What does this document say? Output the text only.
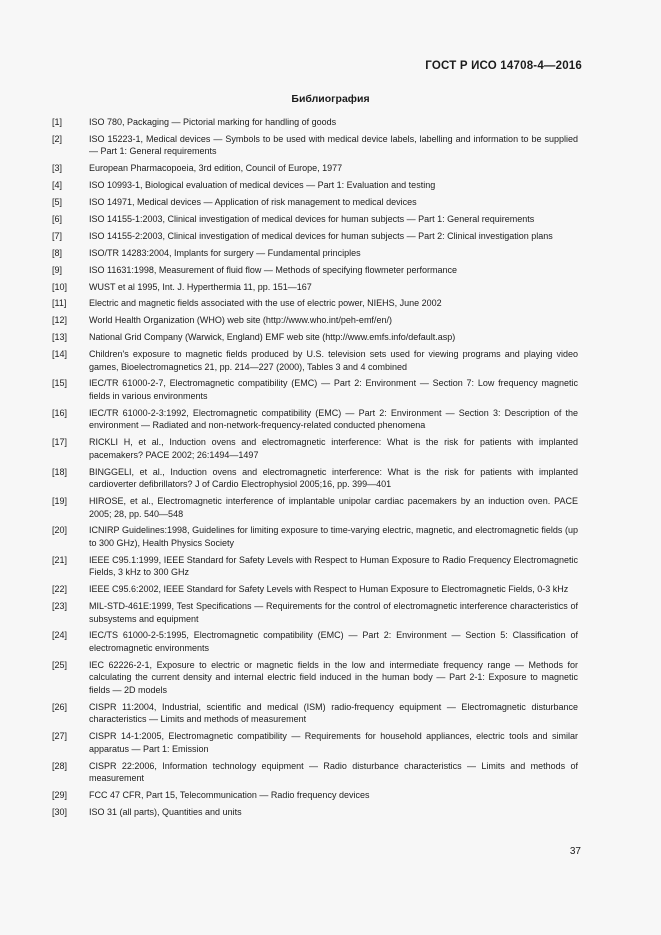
ГОСТ Р ИСО 14708-4—2016
Библиография
[1]	ISO 780, Packaging — Pictorial marking for handling of goods
[2]	ISO 15223-1, Medical devices — Symbols to be used with medical device labels, labelling and information to be supplied — Part 1: General requirements
[3]	European Pharmacopoeia, 3rd edition, Council of Europe, 1977
[4]	ISO 10993-1, Biological evaluation of medical devices — Part 1: Evaluation and testing
[5]	ISO 14971, Medical devices — Application of risk management to medical devices
[6]	ISO 14155-1:2003, Clinical investigation of medical devices for human subjects — Part 1: General requirements
[7]	ISO 14155-2:2003, Clinical investigation of medical devices for human subjects — Part 2: Clinical investigation plans
[8]	ISO/TR 14283:2004, Implants for surgery — Fundamental principles
[9]	ISO 11631:1998, Measurement of fluid flow — Methods of specifying flowmeter performance
[10]	WUST et al 1995, Int. J. Hyperthermia 11, pp. 151—167
[11]	Electric and magnetic fields associated with the use of electric power, NIEHS, June 2002
[12]	World Health Organization (WHO) web site (http://www.who.int/peh-emf/en/)
[13]	National Grid Company (Warwick, England) EMF web site (http://www.emfs.info/default.asp)
[14]	Children's exposure to magnetic fields produced by U.S. television sets used for viewing programs and playing video games, Bioelectromagnetics 21, pp. 214—227 (2000), Tables 3 and 4 combined
[15]	IEC/TR 61000-2-7, Electromagnetic compatibility (EMC) — Part 2: Environment — Section 7: Low frequency magnetic fields in various environments
[16]	IEC/TR 61000-2-3:1992, Electromagnetic compatibility (EMC) — Part 2: Environment — Section 3: Description of the environment — Radiated and non-network-frequency-related conducted phenomena
[17]	RICKLI H, et al., Induction ovens and electromagnetic interference: What is the risk for patients with implanted pacemakers? PACE 2002; 26:1494—1497
[18]	BINGGELI, et al., Induction ovens and electromagnetic interference: What is the risk for patients with implanted cardioverter defibrillators? J of Cardio Electrophysiol 2005;16, pp. 399—401
[19]	HIROSE, et al., Electromagnetic interference of implantable unipolar cardiac pacemakers by an induction oven. PACE 2005; 28, pp. 540—548
[20]	ICNIRP Guidelines:1998, Guidelines for limiting exposure to time-varying electric, magnetic, and electromagnetic fields (up to 300 GHz), Health Physics Society
[21]	IEEE C95.1:1999, IEEE Standard for Safety Levels with Respect to Human Exposure to Radio Frequency Electromagnetic Fields, 3 kHz to 300 GHz
[22]	IEEE C95.6:2002, IEEE Standard for Safety Levels with Respect to Human Exposure to Electromagnetic Fields, 0-3 kHz
[23]	MIL-STD-461E:1999, Test Specifications — Requirements for the control of electromagnetic interference characteristics of subsystems and equipment
[24]	IEC/TS 61000-2-5:1995, Electromagnetic compatibility (EMC) — Part 2: Environment — Section 5: Classification of electromagnetic environments
[25]	IEC 62226-2-1, Exposure to electric or magnetic fields in the low and intermediate frequency range — Methods for calculating the current density and internal electric field induced in the human body — Part 2-1: Exposure to magnetic fields — 2D models
[26]	CISPR 11:2004, Industrial, scientific and medical (ISM) radio-frequency equipment — Electromagnetic disturbance characteristics — Limits and methods of measurement
[27]	CISPR 14-1:2005, Electromagnetic compatibility — Requirements for household appliances, electric tools and similar apparatus — Part 1: Emission
[28]	CISPR 22:2006, Information technology equipment — Radio disturbance characteristics — Limits and methods of measurement
[29]	FCC 47 CFR, Part 15, Telecommunication — Radio frequency devices
[30]	ISO 31 (all parts), Quantities and units
37
